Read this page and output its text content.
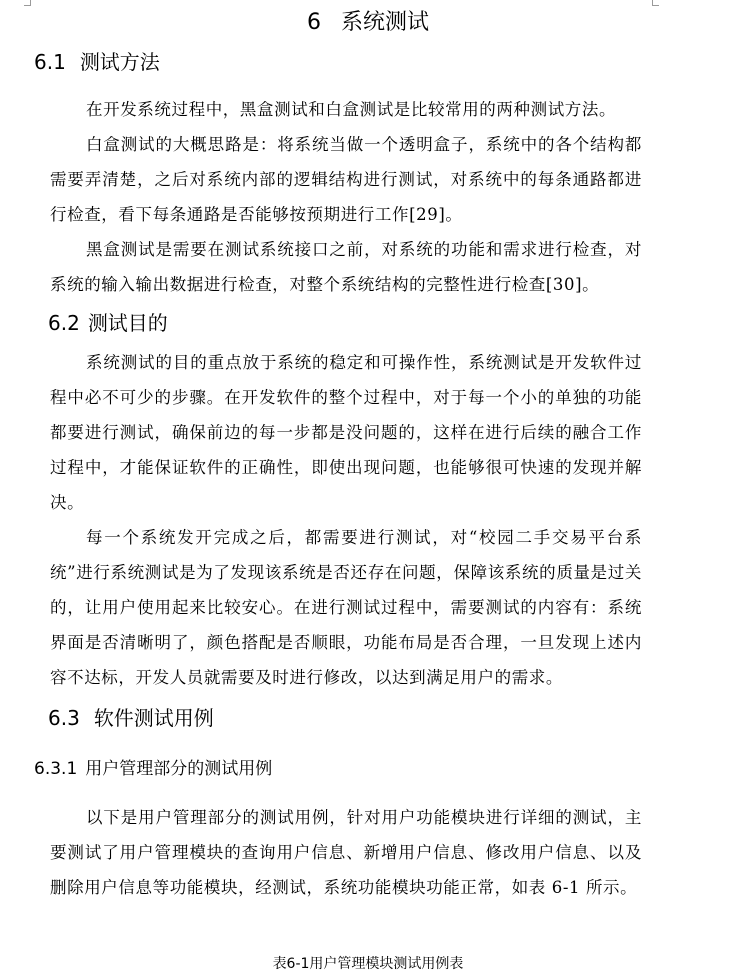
6 系统测试
6.1 测试方法
在开发系统过程中，黑盒测试和白盒测试是比较常用的两种测试方法。
白盒测试的大概思路是：将系统当做一个透明盒子，系统中的各个结构都需要弄清楚，之后对系统内部的逻辑结构进行测试，对系统中的每条通路都进行检查，看下每条通路是否能够按预期进行工作[29]。
黑盒测试是需要在测试系统接口之前，对系统的功能和需求进行检查，对系统的输入输出数据进行检查，对整个系统结构的完整性进行检查[30]。
6.2 测试目的
系统测试的目的重点放于系统的稳定和可操作性，系统测试是开发软件过程中必不可少的步骤。在开发软件的整个过程中，对于每一个小的单独的功能都要进行测试，确保前边的每一步都是没问题的，这样在进行后续的融合工作过程中，才能保证软件的正确性，即使出现问题，也能够很可快速的发现并解决。
每一个系统发开完成之后，都需要进行测试，对“校园二手交易平台系统”进行系统测试是为了发现该系统是否还存在问题，保障该系统的质量是过关的，让用户使用起来比较安心。在进行测试过程中，需要测试的内容有：系统界面是否清晰明了，颜色搭配是否顺眼，功能布局是否合理，一旦发现上述内容不达标，开发人员就需要及时进行修改，以达到满足用户的需求。
6.3 软件测试用例
6.3.1 用户管理部分的测试用例
以下是用户管理部分的测试用例，针对用户功能模块进行详细的测试，主要测试了用户管理模块的查询用户信息、新增用户信息、修改用户信息、以及删除用户信息等功能模块，经测试，系统功能模块功能正常，如表 6-1 所示。
表6-1用户管理模块测试用例表
